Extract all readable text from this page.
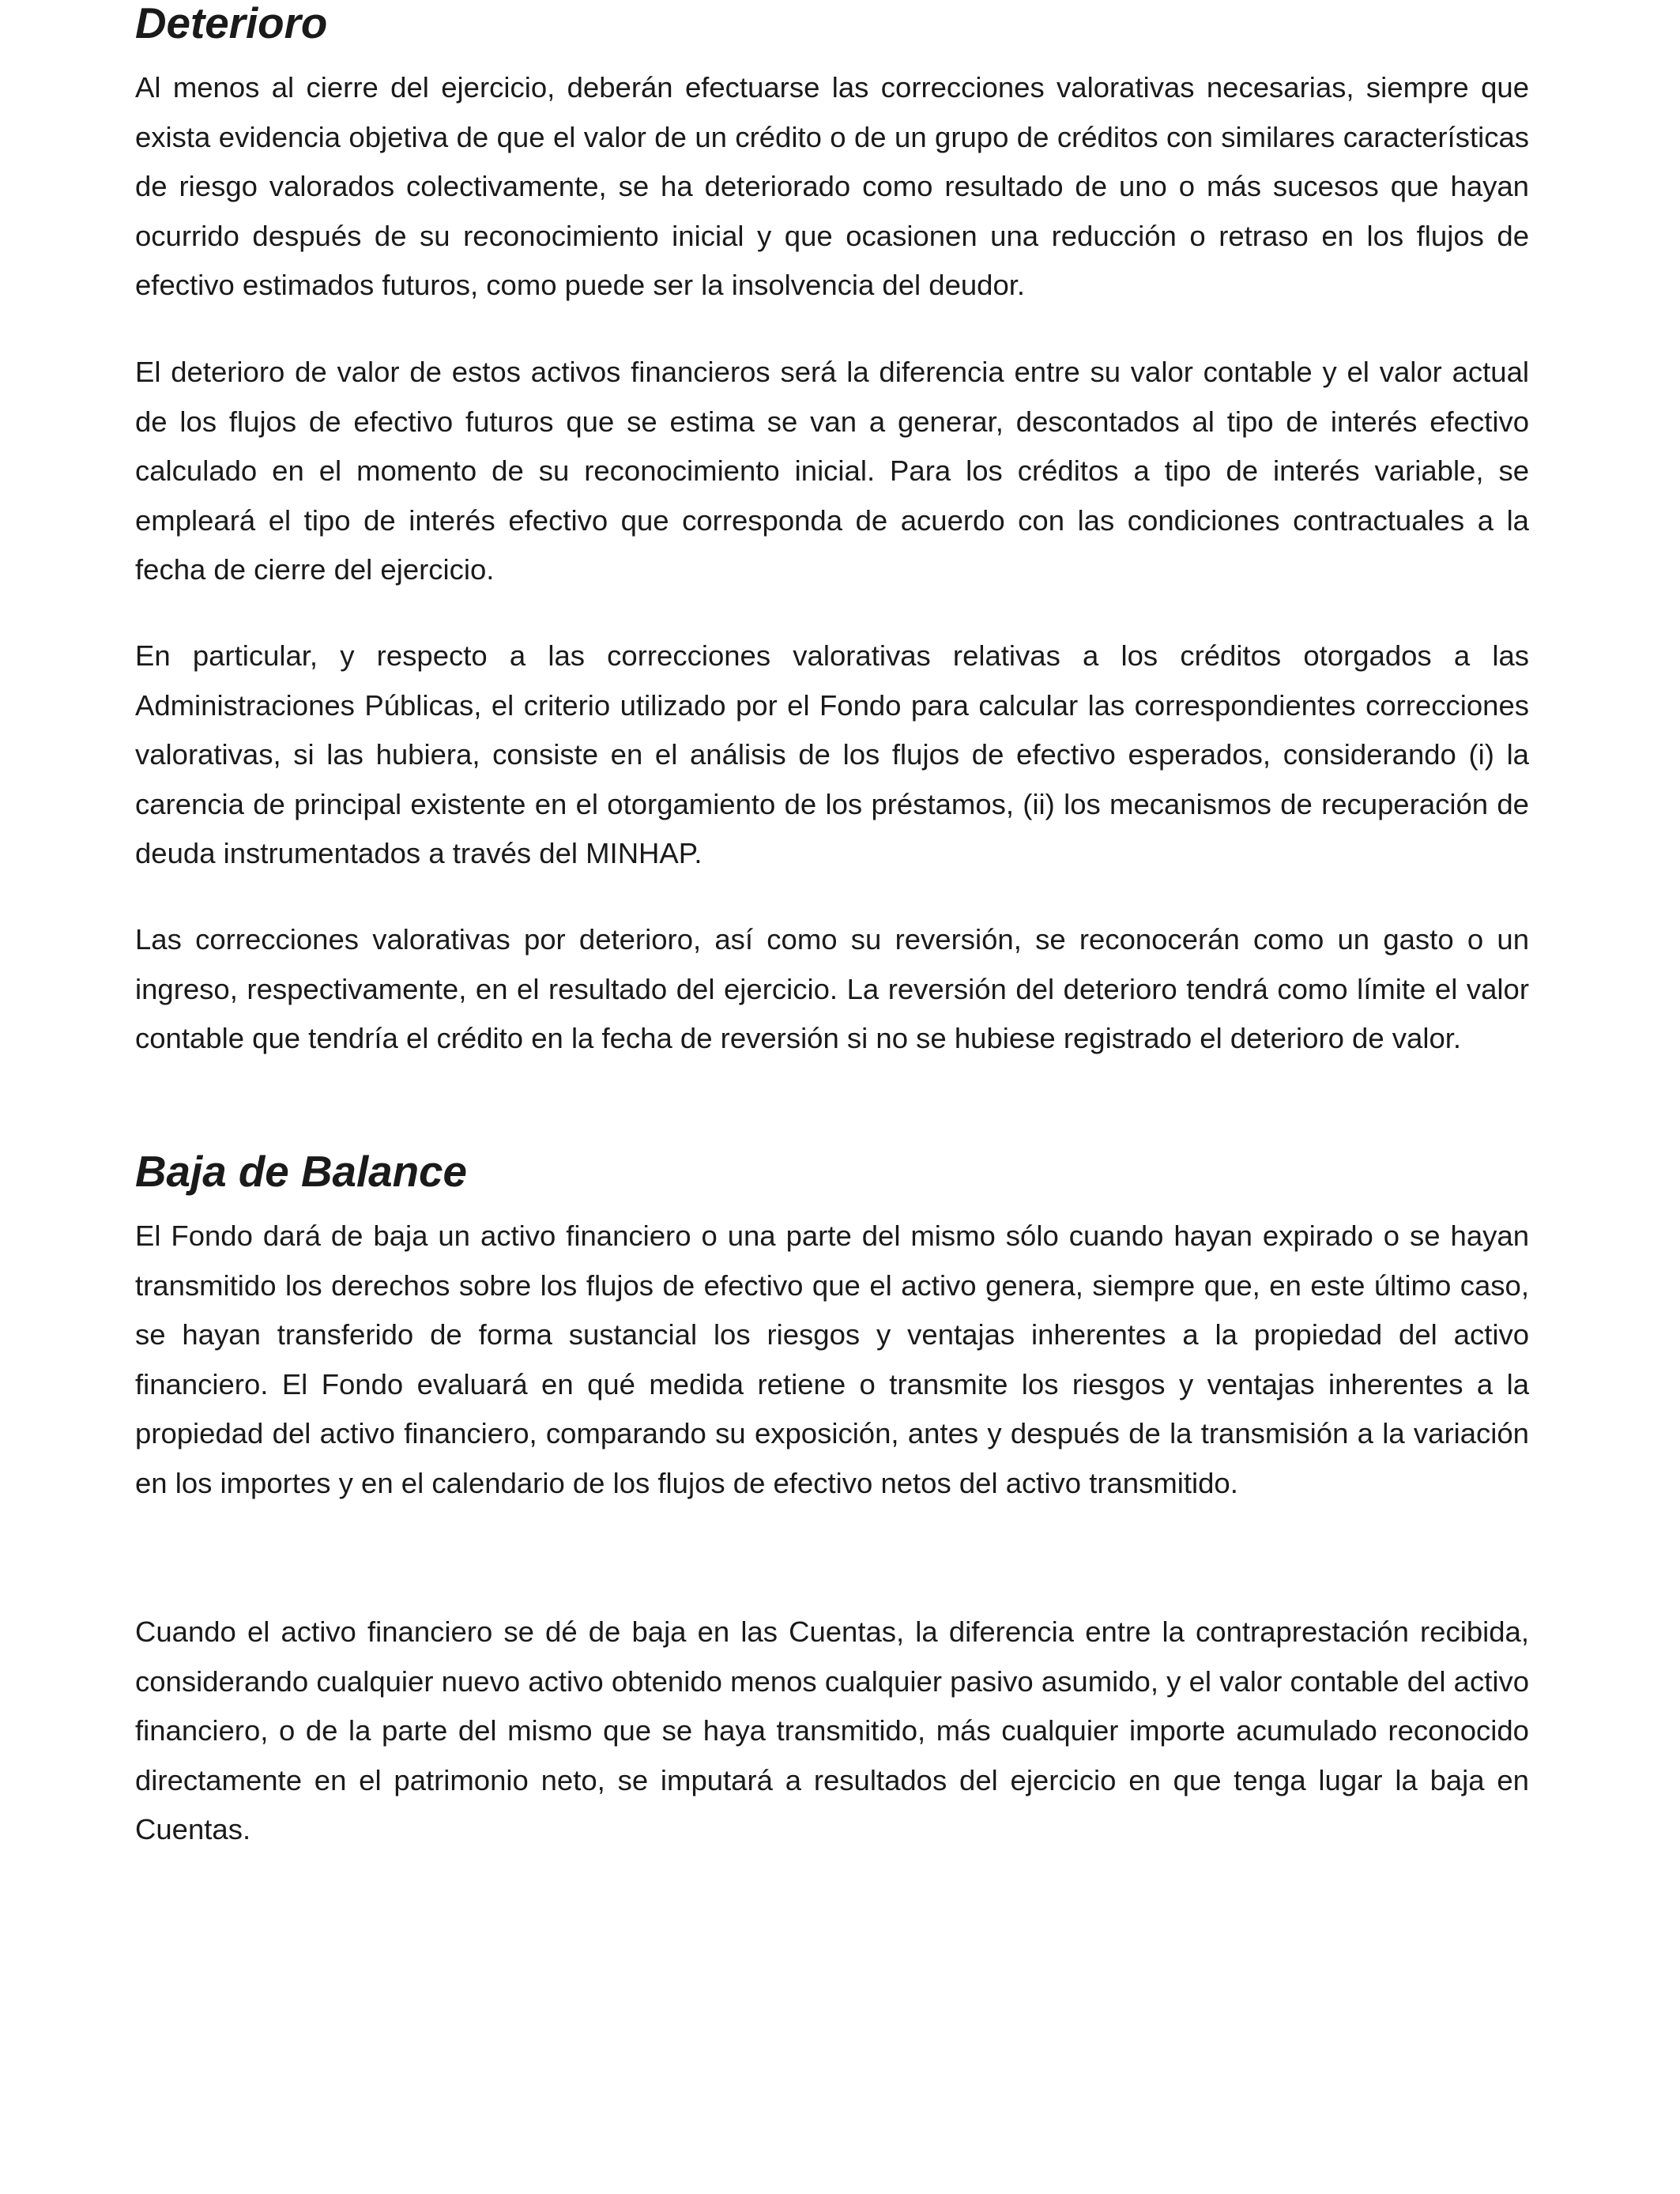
Deterioro

Al menos al cierre del ejercicio, deberán efectuarse las correcciones valorativas necesarias, siempre que exista evidencia objetiva de que el valor de un crédito o de un grupo de créditos con similares características de riesgo valorados colectivamente, se ha deteriorado como resultado de uno o más sucesos que hayan ocurrido después de su reconocimiento inicial y que ocasionen una reducción o retraso en los flujos de efectivo estimados futuros, como puede ser la insolvencia del deudor.

El deterioro de valor de estos activos financieros será la diferencia entre su valor contable y el valor actual de los flujos de efectivo futuros que se estima se van a generar, descontados al tipo de interés efectivo calculado en el momento de su reconocimiento inicial. Para los créditos a tipo de interés variable, se empleará el tipo de interés efectivo que corresponda de acuerdo con las condiciones contractuales a la fecha de cierre del ejercicio.

En particular, y respecto a las correcciones valorativas relativas a los créditos otorgados a las Administraciones Públicas, el criterio utilizado por el Fondo para calcular las correspondientes correcciones valorativas, si las hubiera, consiste en el análisis de los flujos de efectivo esperados, considerando (i) la carencia de principal existente en el otorgamiento de los préstamos, (ii) los mecanismos de recuperación de deuda instrumentados a través del MINHAP.

Las correcciones valorativas por deterioro, así como su reversión, se reconocerán como un gasto o un ingreso, respectivamente, en el resultado del ejercicio. La reversión del deterioro tendrá como límite el valor contable que tendría el crédito en la fecha de reversión si no se hubiese registrado el deterioro de valor.

Baja de Balance

El Fondo dará de baja un activo financiero o una parte del mismo sólo cuando hayan expirado o se hayan transmitido los derechos sobre los flujos de efectivo que el activo genera, siempre que, en este último caso, se hayan transferido de forma sustancial los riesgos y ventajas inherentes a la propiedad del activo financiero. El Fondo evaluará en qué medida retiene o transmite los riesgos y ventajas inherentes a la propiedad del activo financiero, comparando su exposición, antes y después de la transmisión a la variación en los importes y en el calendario de los flujos de efectivo netos del activo transmitido.

Cuando el activo financiero se dé de baja en las Cuentas, la diferencia entre la contraprestación recibida, considerando cualquier nuevo activo obtenido menos cualquier pasivo asumido, y el valor contable del activo financiero, o de la parte del mismo que se haya transmitido, más cualquier importe acumulado reconocido directamente en el patrimonio neto, se imputará a resultados del ejercicio en que tenga lugar la baja en Cuentas.
